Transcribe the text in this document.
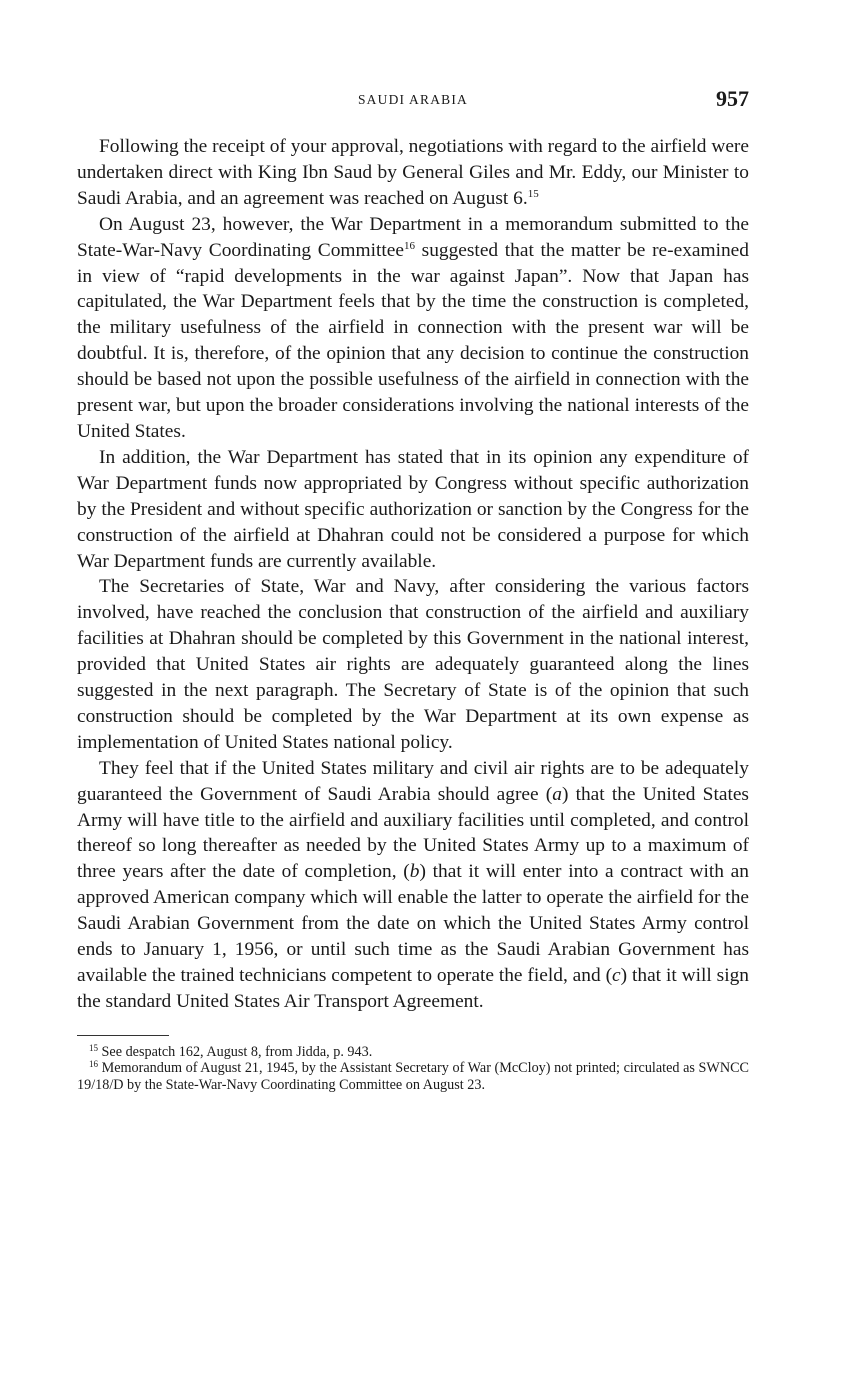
SAUDI ARABIA	957

Following the receipt of your approval, negotiations with regard to the airfield were undertaken direct with King Ibn Saud by General Giles and Mr. Eddy, our Minister to Saudi Arabia, and an agreement was reached on August 6.15

On August 23, however, the War Department in a memorandum submitted to the State-War-Navy Coordinating Committee$^{16}$ suggested that the matter be re-examined in view of “rapid developments in the war against Japan”. Now that Japan has capitulated, the War Department feels that by the time the construction is completed, the military usefulness of the airfield in connection with the present war will be doubtful. It is, therefore, of the opinion that any decision to continue the construction should be based not upon the possible usefulness of the airfield in connection with the present war, but upon the broader considerations involving the national interests of the United States.

In addition, the War Department has stated that in its opinion any expenditure of War Department funds now appropriated by Congress without specific authorization by the President and without specific authorization or sanction by the Congress for the construction of the airfield at Dhahran could not be considered a purpose for which War Department funds are currently available.

The Secretaries of State, War and Navy, after considering the various factors involved, have reached the conclusion that construction of the airfield and auxiliary facilities at Dhahran should be completed by this Government in the national interest, provided that United States air rights are adequately guaranteed along the lines suggested in the next paragraph. The Secretary of State is of the opinion that such construction should be completed by the War Department at its own expense as implementation of United States national policy.

They feel that if the United States military and civil air rights are to be adequately guaranteed the Government of Saudi Arabia should agree (a) that the United States Army will have title to the airfield and auxiliary facilities until completed, and control thereof so long thereafter as needed by the United States Army up to a maximum of three years after the date of completion, (b) that it will enter into a contract with an approved American company which will enable the latter to operate the airfield for the Saudi Arabian Government from the date on which the United States Army control ends to January 1, 1956, or until such time as the Saudi Arabian Government has available the trained technicians competent to operate the field, and (c) that it will sign the standard United States Air Transport Agreement.

$^{15}$ See despatch 162, August 8, from Jidda, p. 943.

$^{16}$ Memorandum of August 21, 1945, by the Assistant Secretary of War (McCloy) not printed; circulated as SWNCC 19/18/D by the State-War-Navy Coordinating Committee on August 23.
